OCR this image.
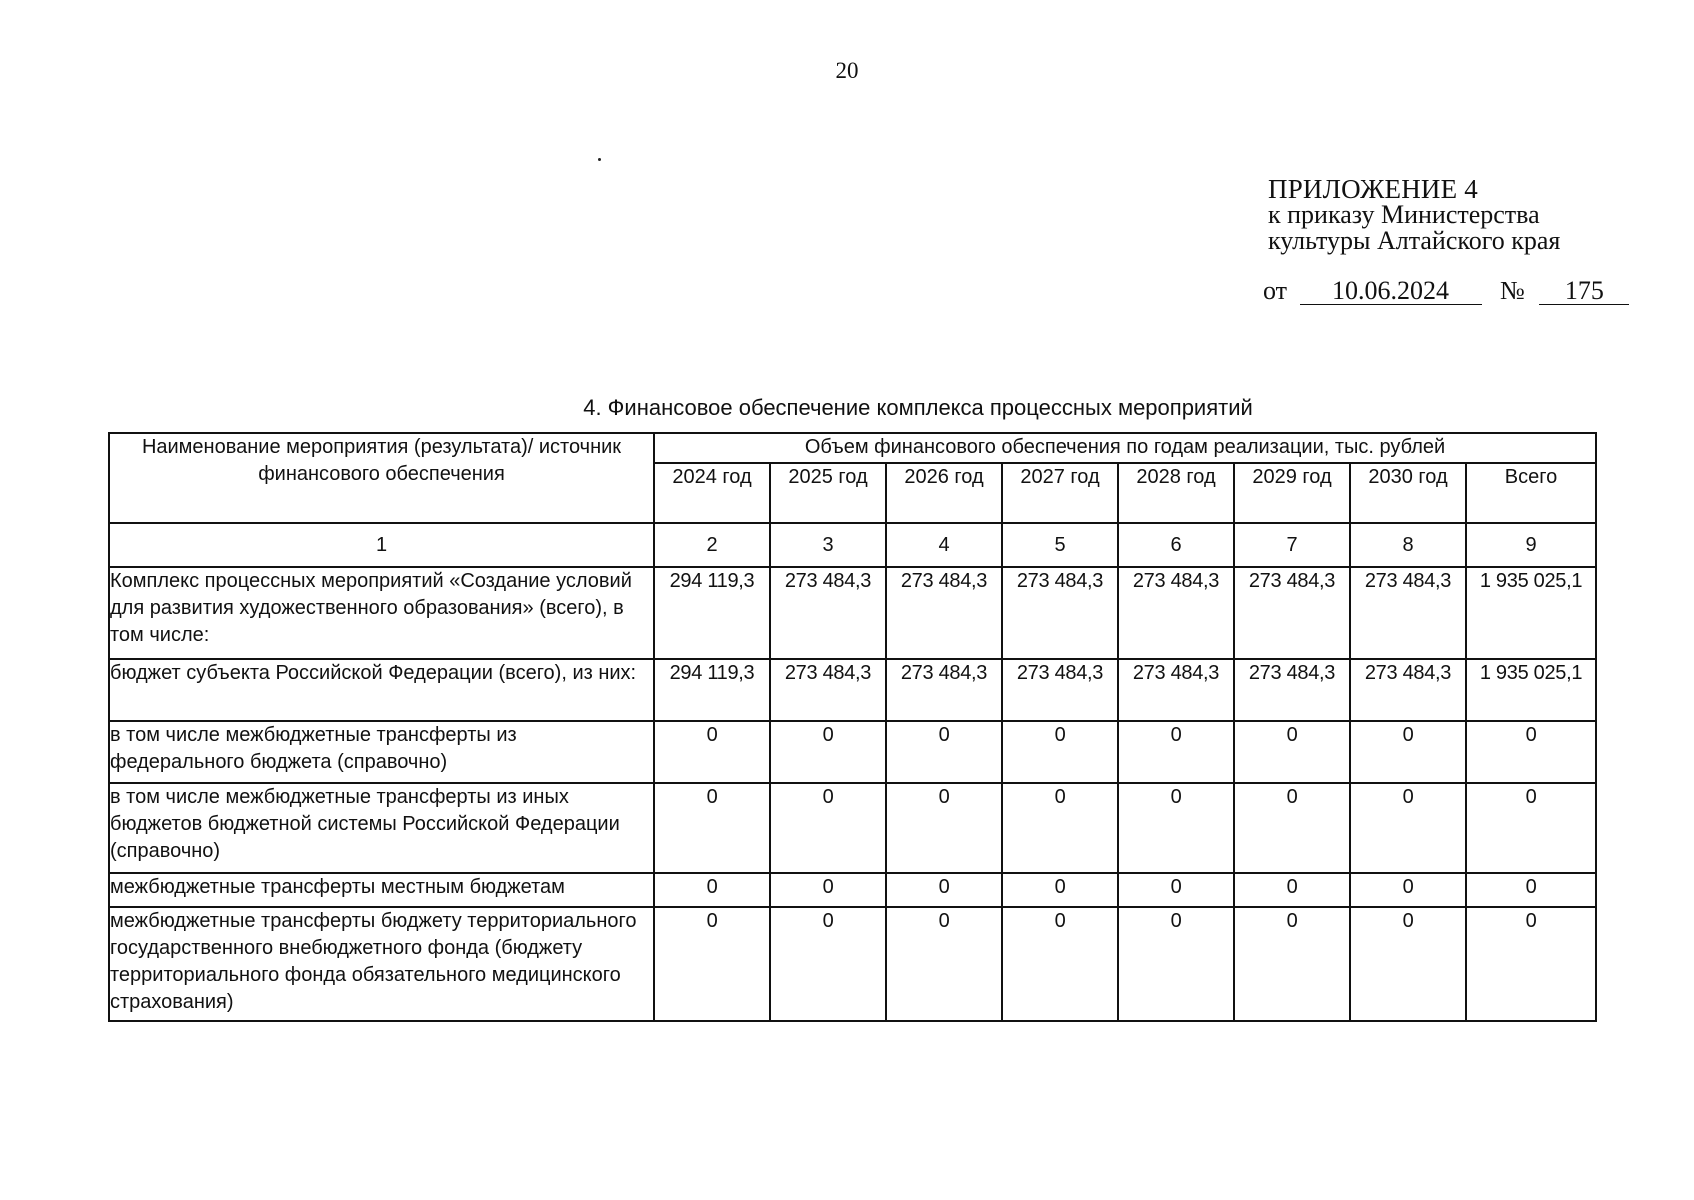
20
ПРИЛОЖЕНИЕ 4
к приказу Министерства
культуры Алтайского края
от 10.06.2024 № 175
4. Финансовое обеспечение комплекса процессных мероприятий
Наименование мероприятия (результата)/ источник финансового обеспечения	Объем финансового обеспечения по годам реализации, тыс. рублей							
	2024 год	2025 год	2026 год	2027 год	2028 год	2029 год	2030 год	Всего
1	2	3	4	5	6	7	8	9
Комплекс процессных мероприятий «Создание условий для развития художественного образования» (всего), в том числе:	294 119,3	273 484,3	273 484,3	273 484,3	273 484,3	273 484,3	273 484,3	1 935 025,1
бюджет субъекта Российской Федерации (всего), из них:	294 119,3	273 484,3	273 484,3	273 484,3	273 484,3	273 484,3	273 484,3	1 935 025,1
в том числе межбюджетные трансферты из федерального бюджета (справочно)	0	0	0	0	0	0	0	0
в том числе межбюджетные трансферты из иных бюджетов бюджетной системы Российской Федерации (справочно)	0	0	0	0	0	0	0	0
межбюджетные трансферты местным бюджетам	0	0	0	0	0	0	0	0
межбюджетные трансферты бюджету территориального государственного внебюджетного фонда (бюджету территориального фонда обязательного медицинского страхования)	0	0	0	0	0	0	0	0
